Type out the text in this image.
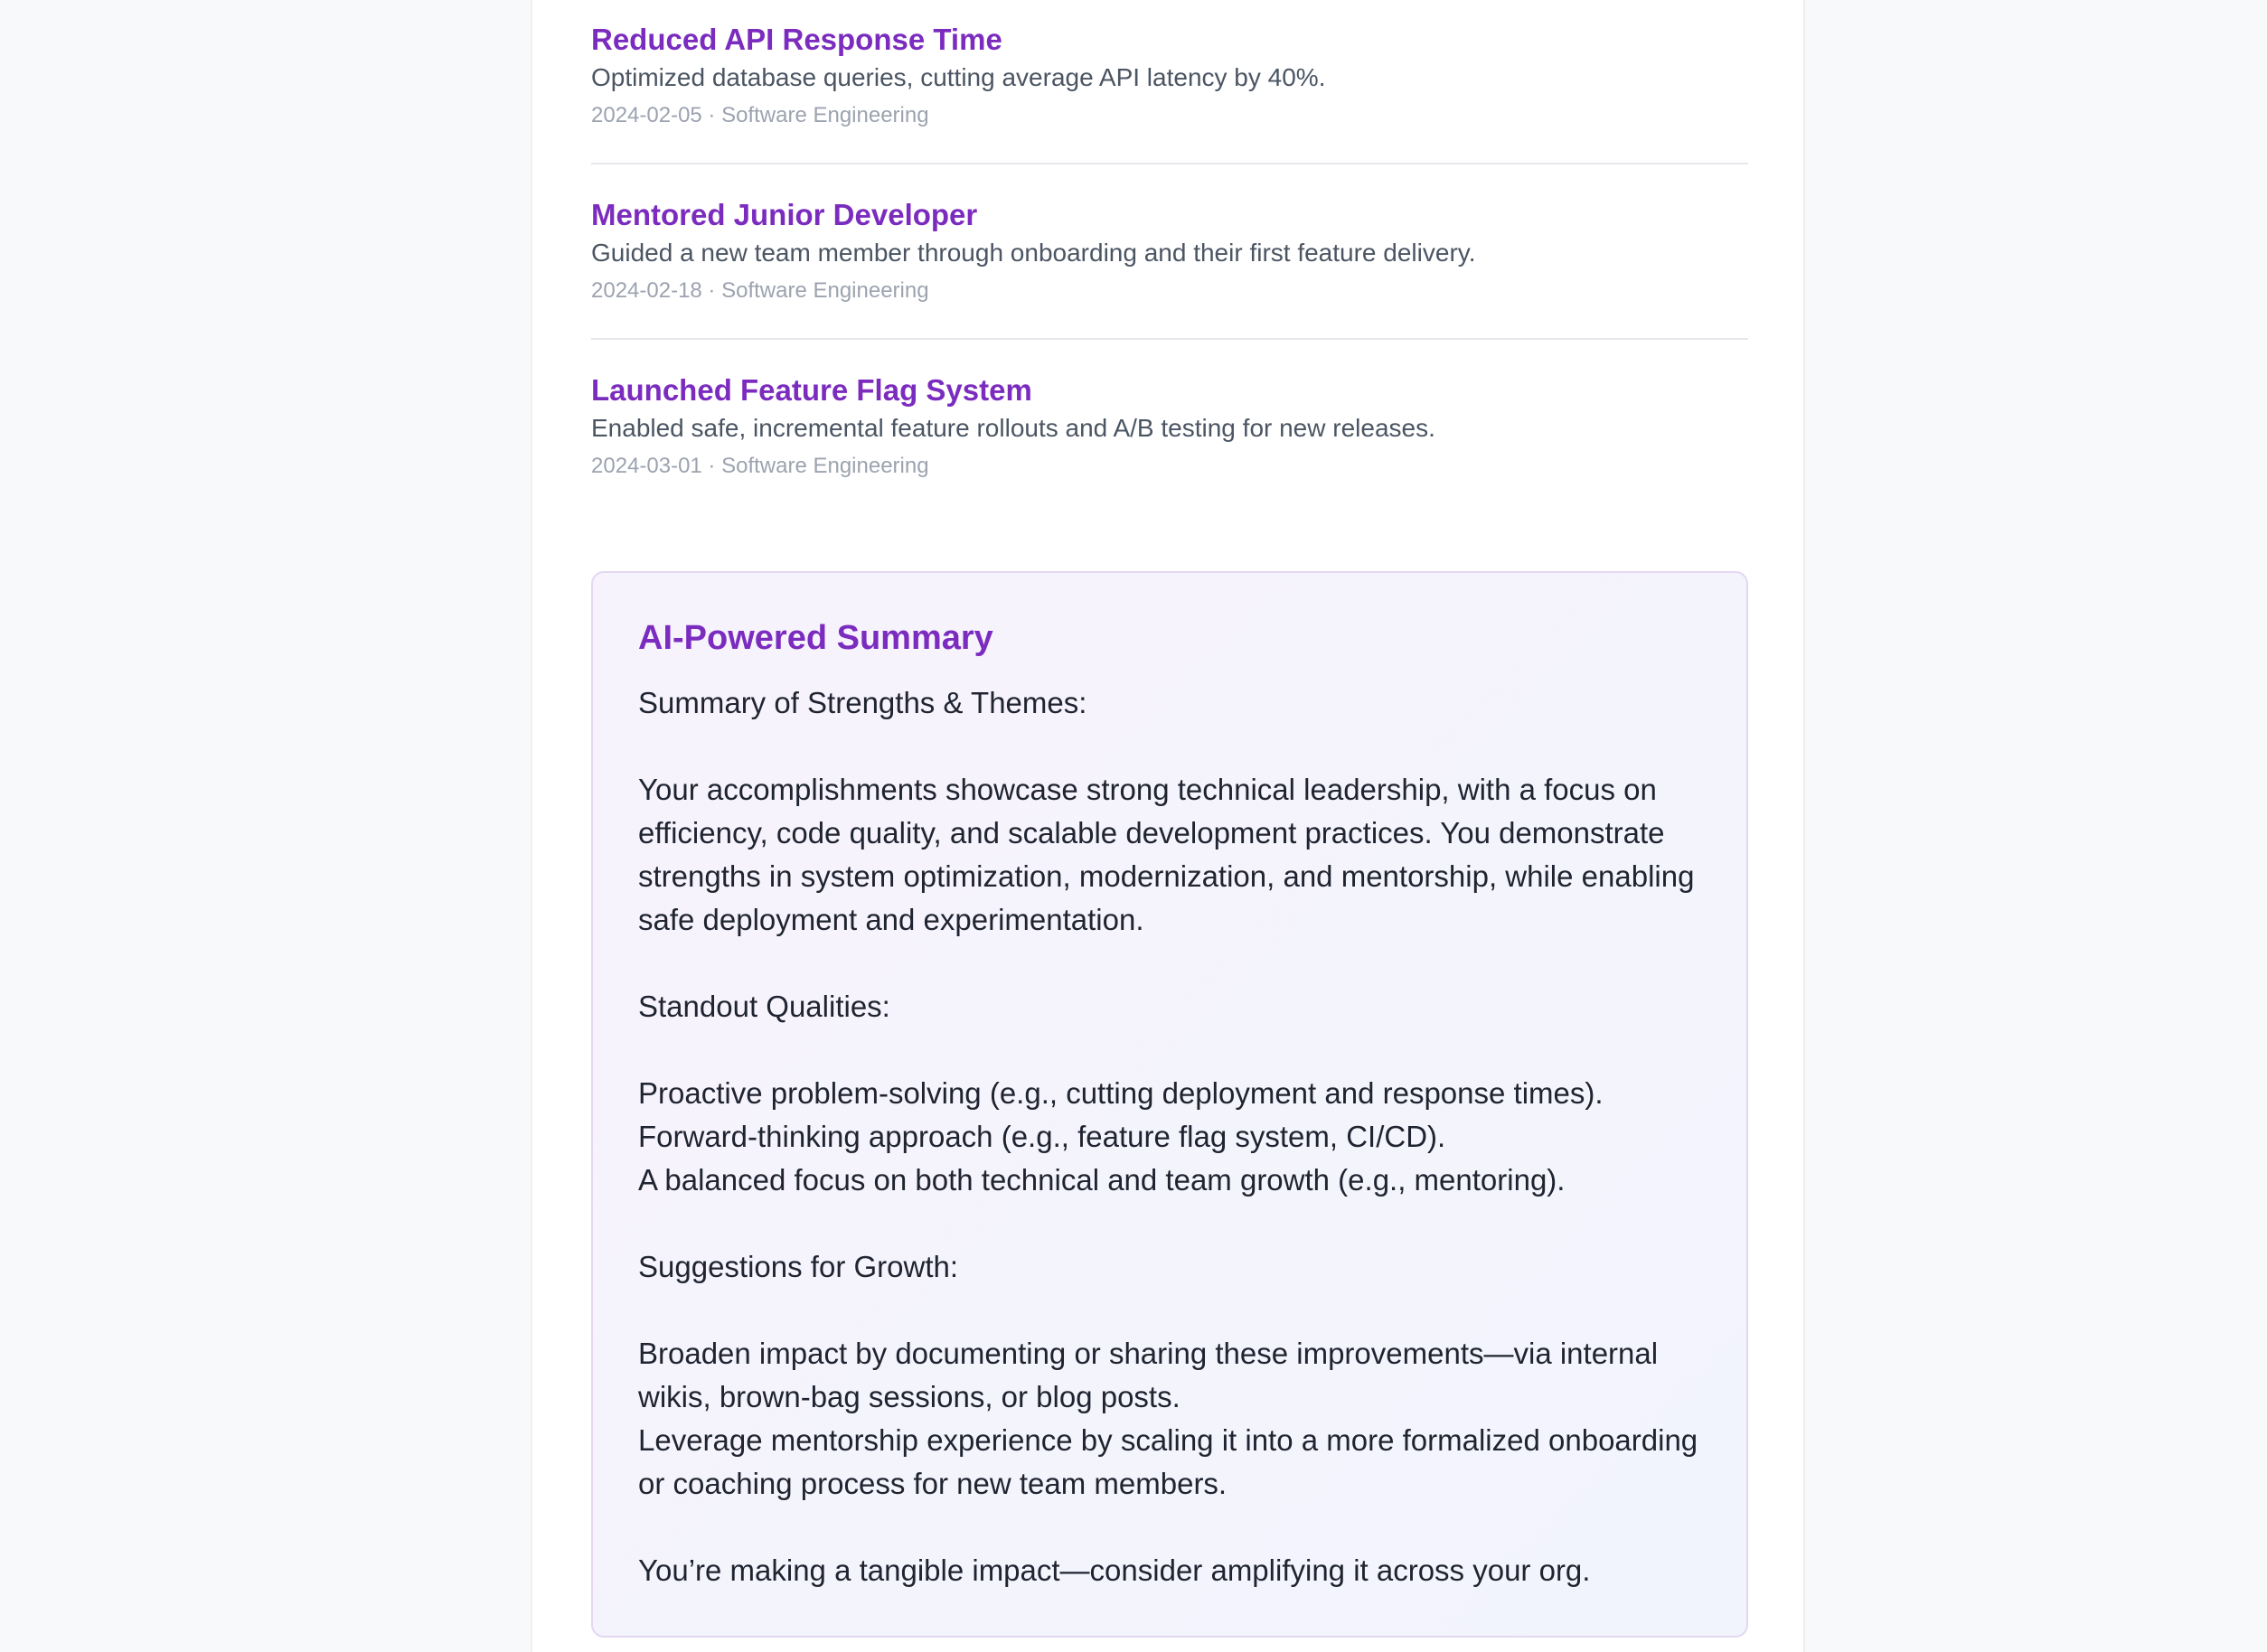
Reduced API Response Time
Optimized database queries, cutting average API latency by 40%.
2024-02-05 · Software Engineering
Mentored Junior Developer
Guided a new team member through onboarding and their first feature delivery.
2024-02-18 · Software Engineering
Launched Feature Flag System
Enabled safe, incremental feature rollouts and A/B testing for new releases.
2024-03-01 · Software Engineering
AI-Powered Summary

Summary of Strengths & Themes:

Your accomplishments showcase strong technical leadership, with a focus on

efficiency, code quality, and scalable development practices. You demonstrate

strengths in system optimization, modernization, and mentorship, while enabling

safe deployment and experimentation.

Standout Qualities:

Proactive problem-solving (e.g., cutting deployment and response times).

Forward-thinking approach (e.g., feature flag system, CI/CD).

A balanced focus on both technical and team growth (e.g., mentoring).

Suggestions for Growth:

Broaden impact by documenting or sharing these improvements—via internal

wikis, brown-bag sessions, or blog posts.

Leverage mentorship experience by scaling it into a more formalized onboarding

or coaching process for new team members.

You’re making a tangible impact—consider amplifying it across your org.
